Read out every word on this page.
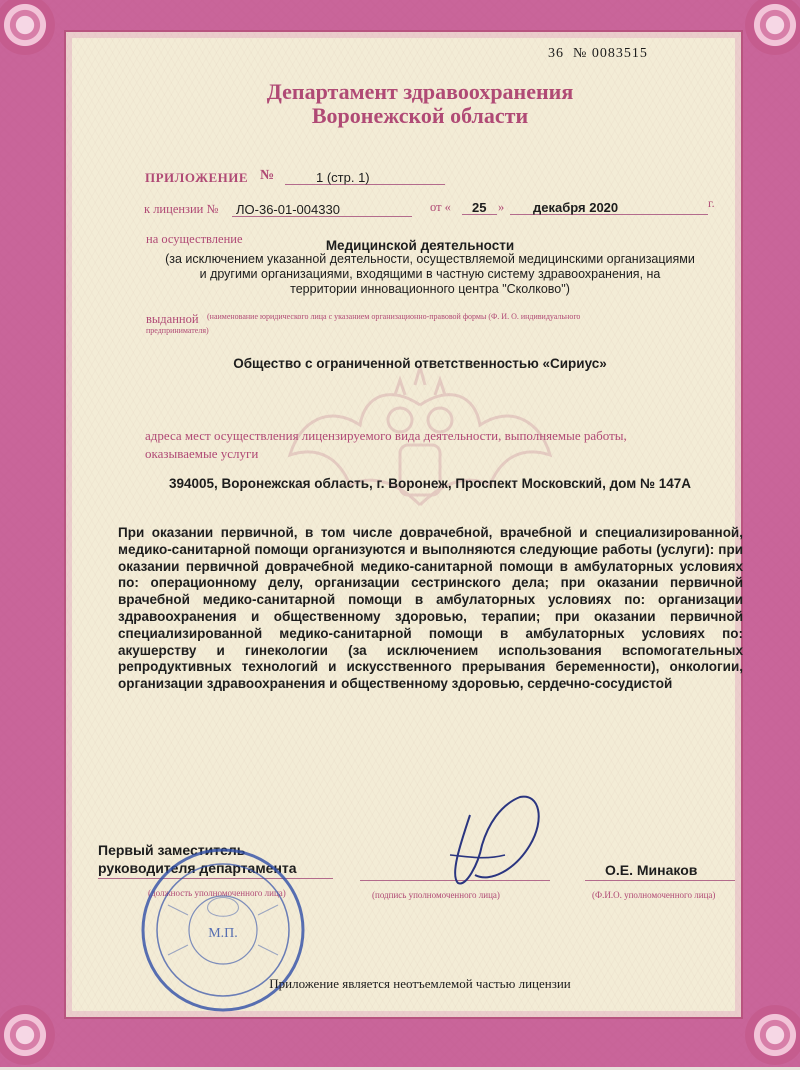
36 № 0083515
Департамент здравоохранения
Воронежской области
ПРИЛОЖЕНИЕ №	1 (стр. 1)
к лицензии № ЛО-36-01-004330	от « 25 » декабря 2020	г.
на осуществление	Медицинской деятельности
(за исключением указанной деятельности, осуществляемой медицинскими организациями
и другими организациями, входящими в частную систему здравоохранения, на
территории инновационного центра "Сколково")
выданной (наименование юридического лица с указанием организационно-правовой формы (Ф. И. О. индивидуального
предпринимателя)
Общество с ограниченной ответственностью «Сириус»
адреса мест осуществления лицензируемого вида деятельности, выполняемые работы,
оказываемые услуги
394005, Воронежская область, г. Воронеж, Проспект Московский, дом № 147А
При оказании первичной, в том числе доврачебной, врачебной и специализированной, медико-санитарной помощи организуются и выполняются следующие работы (услуги): при оказании первичной доврачебной медико-санитарной помощи в амбулаторных условиях по: операционному делу, организации сестринского дела; при оказании первичной врачебной медико-санитарной помощи в амбулаторных условиях по: организации здравоохранения и общественному здоровью, терапии; при оказании первичной специализированной медико-санитарной помощи в амбулаторных условиях по: акушерству и гинекологии (за исключением использования вспомогательных репродуктивных технологий и искусственного прерывания беременности), онкологии, организации здравоохранения и общественному здоровью, сердечно-сосудистой
Первый заместитель
руководителя департамента
(должность уполномоченного лица)	(подпись уполномоченного лица)
О.Е. Минаков
(Ф.И.О. уполномоченного лица)
М.П.
Приложение является неотъемлемой частью лицензии
